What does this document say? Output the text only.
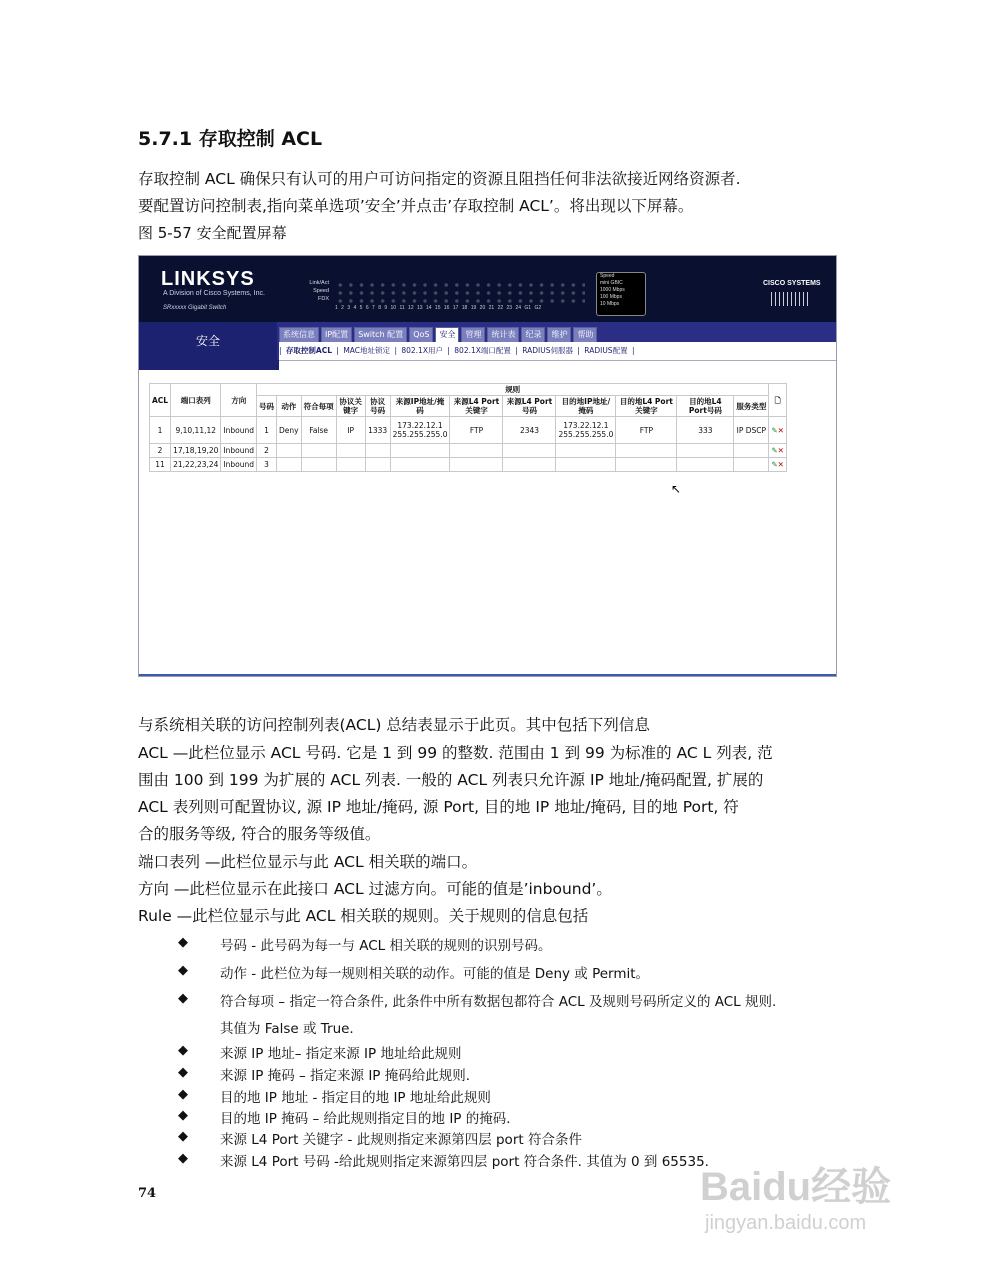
5.7.1 存取控制 ACL
存取控制 ACL 确保只有认可的用户可访问指定的资源且阻挡任何非法欲接近网络资源者.
要配置访问控制表,指向菜单选项’安全’并点击’存取控制 ACL’。将出现以下屏幕。
图 5-57 安全配置屏幕
LINKSYS
A Division of Cisco Systems, Inc.
SRxxxxx Gigabit Switch
Link/Act
Speed
FDX
1 2 3 4 5 6 7 8 9 10 11 12 13 14 15 16 17 18 19 20 21 22 23 24 G1 G2
Speed
mini GBIC
1000 Mbps
100 Mbps
10 Mbps
CISCO SYSTEMS
安全	系统信息	IP配置	Switch 配置	QoS	安全	管理	统计表	纪录	维护	帮助
| 存取控制ACL | MAC地址锁定 | 802.1X用户 | 802.1X端口配置 | RADIUS伺服器 | RADIUS配置 |
ACL	端口表列	方向	规则												🗋
			号码	动作	符合每项	协议关键字	协议号码	来源IP地址/掩码	来源L4 Port关键字	来源L4 Port号码	目的地IP地址/掩码	目的地L4 Port关键字	目的地L4 Port号码	服务类型	
1	9,10,11,12	Inbound	1	Deny	False	IP	1333	173.22.12.1 255.255.255.0	FTP	2343	173.22.12.1 255.255.255.0	FTP	333	IP DSCP	✎✕
2	17,18,19,20	Inbound	2												✎✕
11	21,22,23,24	Inbound	3												✎✕
↖
与系统相关联的访问控制列表(ACL) 总结表显示于此页。其中包括下列信息
ACL —此栏位显示 ACL 号码. 它是 1 到 99 的整数. 范围由 1 到 99 为标准的 AC L 列表, 范
围由 100 到 199 为扩展的 ACL 列表. 一般的 ACL 列表只允许源 IP 地址/掩码配置, 扩展的
ACL 表列则可配置协议, 源 IP 地址/掩码, 源 Port, 目的地 IP 地址/掩码, 目的地 Port, 符
合的服务等级, 符合的服务等级值。
端口表列 —此栏位显示与此 ACL 相关联的端口。
方向 —此栏位显示在此接口 ACL 过滤方向。可能的值是’inbound’。
Rule —此栏位显示与此 ACL 相关联的规则。关于规则的信息包括
◆ 号码 - 此号码为每一与 ACL 相关联的规则的识别号码。
◆ 动作 - 此栏位为每一规则相关联的动作。可能的值是 Deny 或 Permit。
◆ 符合每项 – 指定一符合条件, 此条件中所有数据包都符合 ACL 及规则号码所定义的 ACL 规则.
其值为 False 或 True.
◆ 来源 IP 地址– 指定来源 IP 地址给此规则
◆ 来源 IP 掩码 – 指定来源 IP 掩码给此规则.
◆ 目的地 IP 地址 - 指定目的地 IP 地址给此规则
◆ 目的地 IP 掩码 – 给此规则指定目的地 IP 的掩码.
◆ 来源 L4 Port 关键字 - 此规则指定来源第四层 port 符合条件
◆ 来源 L4 Port 号码 -给此规则指定来源第四层 port 符合条件. 其值为 0 到 65535.
74	Baidu经验
jingyan.baidu.com
